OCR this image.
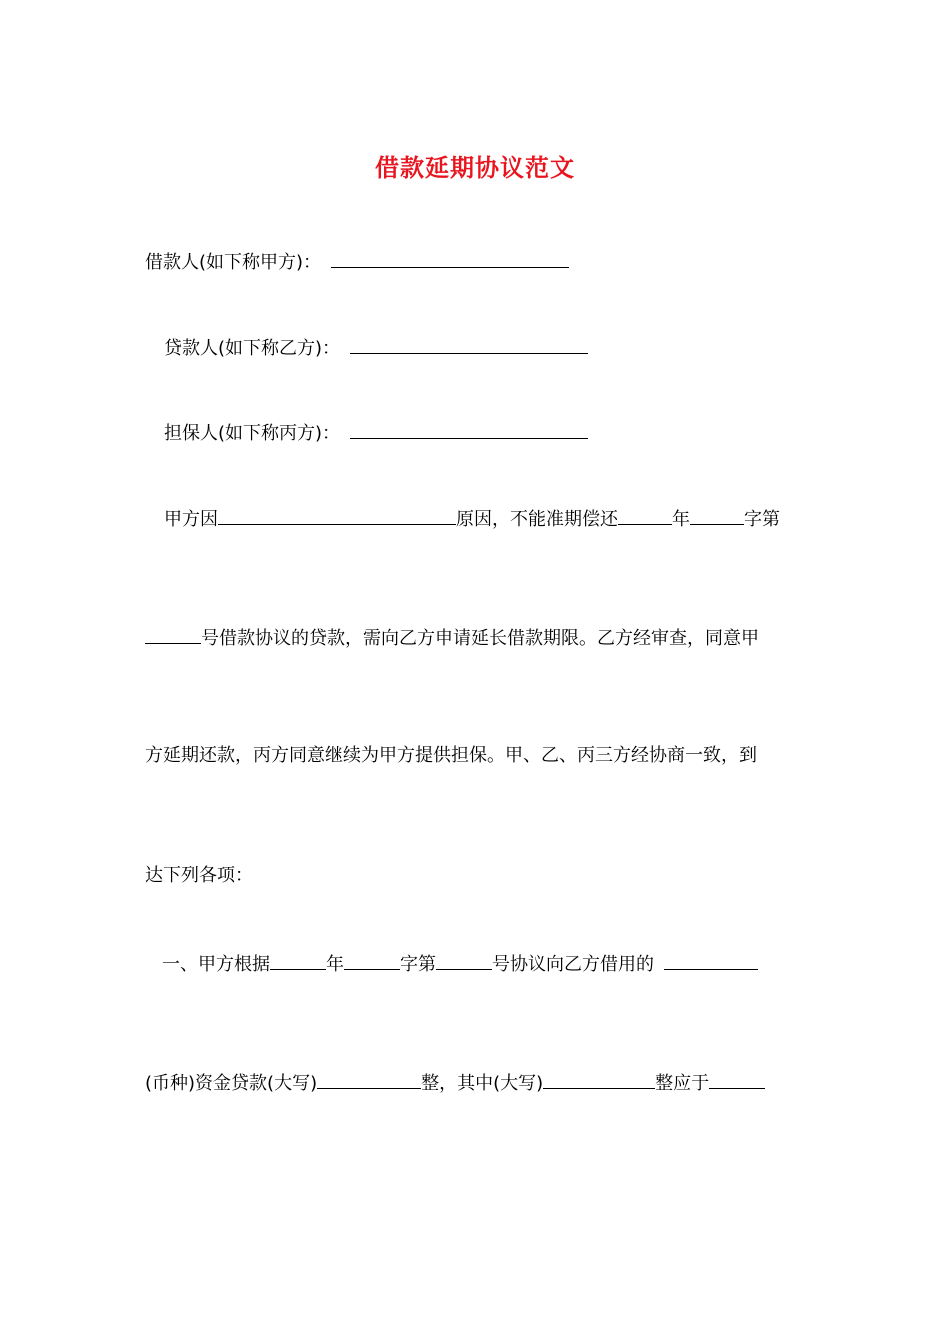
借款延期协议范文
借款人(如下称甲方)：
贷款人(如下称乙方)：
担保人(如下称丙方)：
甲方因	原因，不能准期偿还	年	字第
号借款协议的贷款，需向乙方申请延长借款期限。乙方经审查，同意甲
方延期还款，丙方同意继续为甲方提供担保。甲、乙、丙三方经协商一致，到
达下列各项：
一、甲方根据	年	字第	号协议向乙方借用的
(币种)资金贷款(大写)	整，其中(大写)	整应于
